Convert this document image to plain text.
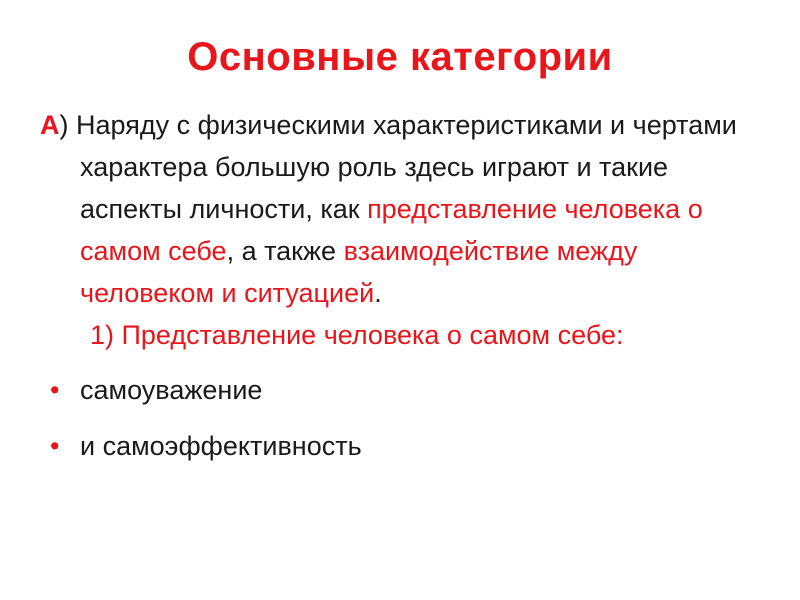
Основные категории

А) Наряду с физическими характеристиками и чертами характера большую роль здесь играют и такие аспекты личности, как представление человека о самом себе, а также взаимодействие между человеком и ситуацией.

1) Представление человека о самом себе:

• самоуважение
• и самоэффективность
